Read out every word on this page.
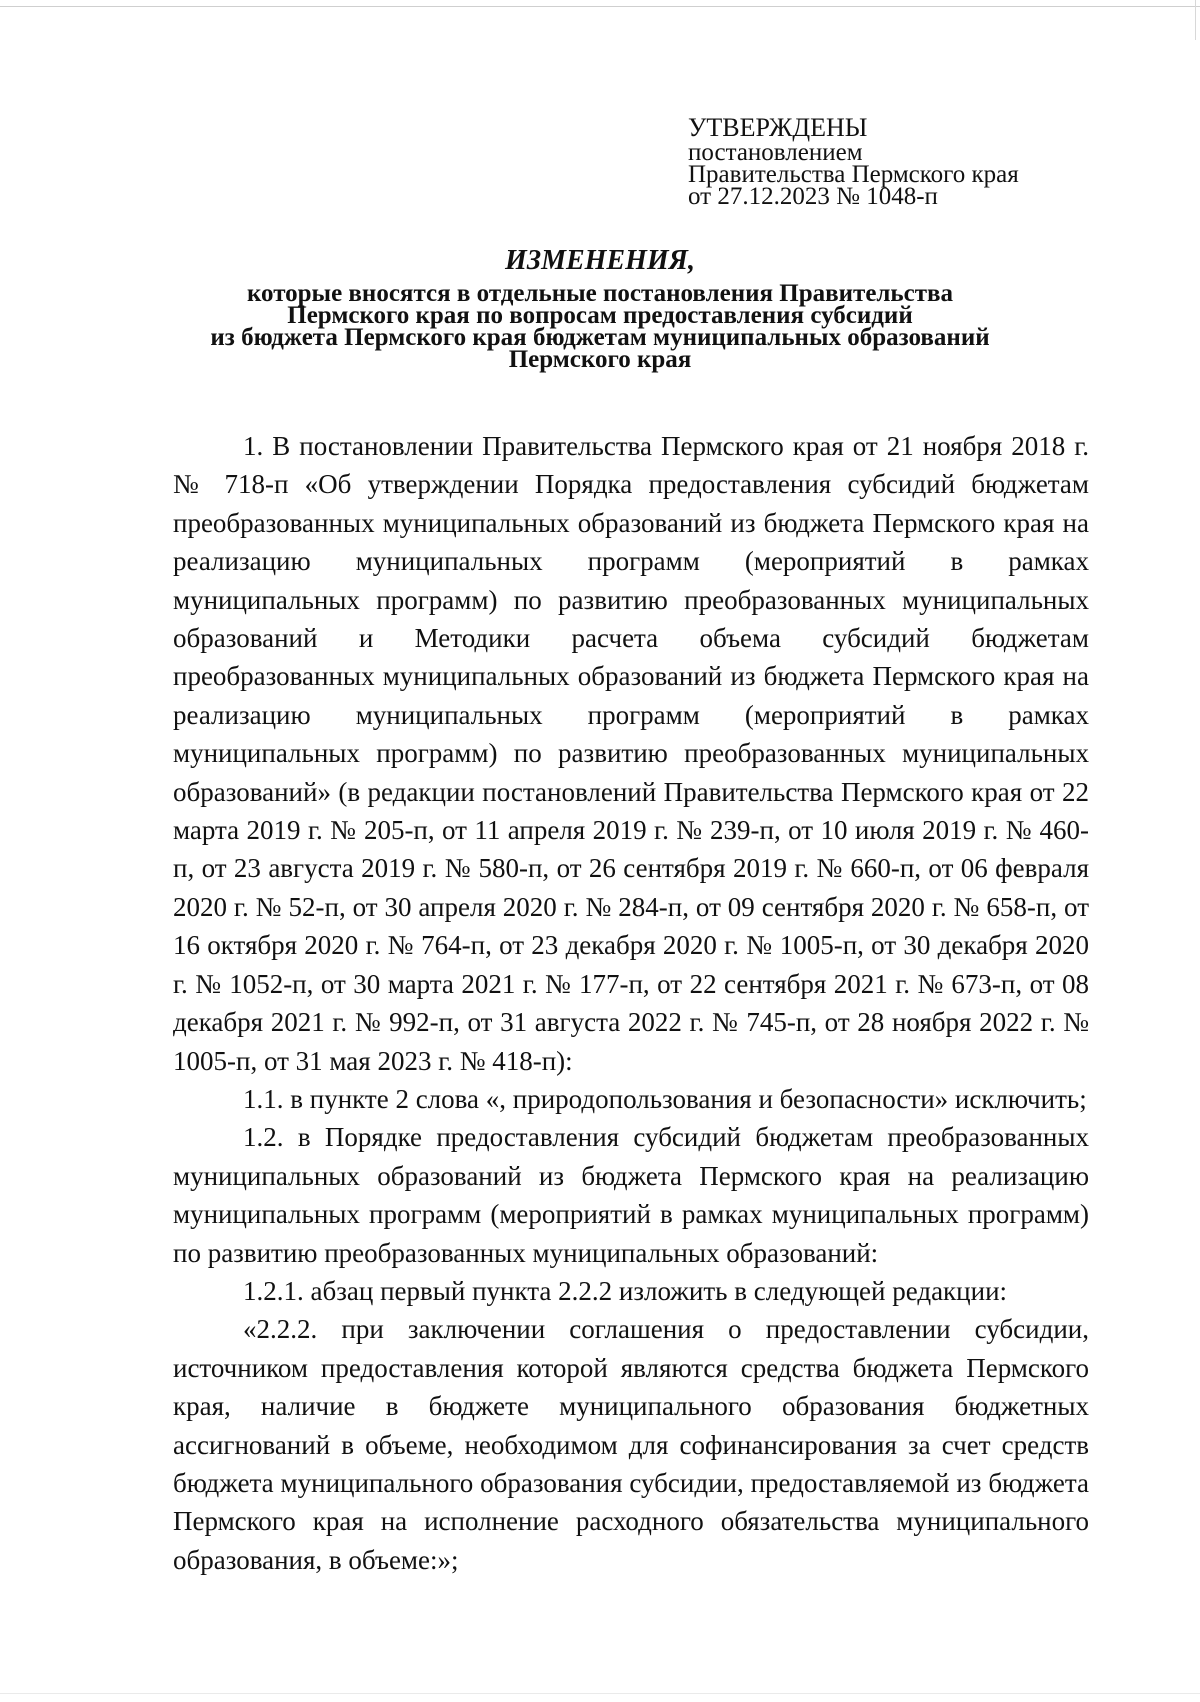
УТВЕРЖДЕНЫ
постановлением
Правительства Пермского края
от 27.12.2023 № 1048-п
ИЗМЕНЕНИЯ,
которые вносятся в отдельные постановления Правительства
Пермского края по вопросам предоставления субсидий
из бюджета Пермского края бюджетам муниципальных образований
Пермского края

1. В постановлении Правительства Пермского края от 21 ноября 2018 г. № 718-п «Об утверждении Порядка предоставления субсидий бюджетам преобразованных муниципальных образований из бюджета Пермского края на реализацию муниципальных программ (мероприятий в рамках муниципальных программ) по развитию преобразованных муниципальных образований и Методики расчета объема субсидий бюджетам преобразованных муниципальных образований из бюджета Пермского края на реализацию муниципальных программ (мероприятий в рамках муниципальных программ) по развитию преобразованных муниципальных образований» (в редакции постановлений Правительства Пермского края от 22 марта 2019 г. № 205-п, от 11 апреля 2019 г. № 239-п, от 10 июля 2019 г. № 460-п, от 23 августа 2019 г. № 580-п, от 26 сентября 2019 г. № 660-п, от 06 февраля 2020 г. № 52-п, от 30 апреля 2020 г. № 284-п, от 09 сентября 2020 г. № 658-п, от 16 октября 2020 г. № 764-п, от 23 декабря 2020 г. № 1005-п, от 30 декабря 2020 г. № 1052-п, от 30 марта 2021 г. № 177-п, от 22 сентября 2021 г. № 673-п, от 08 декабря 2021 г. № 992-п, от 31 августа 2022 г. № 745-п, от 28 ноября 2022 г. № 1005-п, от 31 мая 2023 г. № 418-п):

1.1. в пункте 2 слова «, природопользования и безопасности» исключить;

1.2. в Порядке предоставления субсидий бюджетам преобразованных муниципальных образований из бюджета Пермского края на реализацию муниципальных программ (мероприятий в рамках муниципальных программ) по развитию преобразованных муниципальных образований:

1.2.1. абзац первый пункта 2.2.2 изложить в следующей редакции:

«2.2.2. при заключении соглашения о предоставлении субсидии, источником предоставления которой являются средства бюджета Пермского края, наличие в бюджете муниципального образования бюджетных ассигнований в объеме, необходимом для софинансирования за счет средств бюджета муниципального образования субсидии, предоставляемой из бюджета Пермского края на исполнение расходного обязательства муниципального образования, в объеме:»;
